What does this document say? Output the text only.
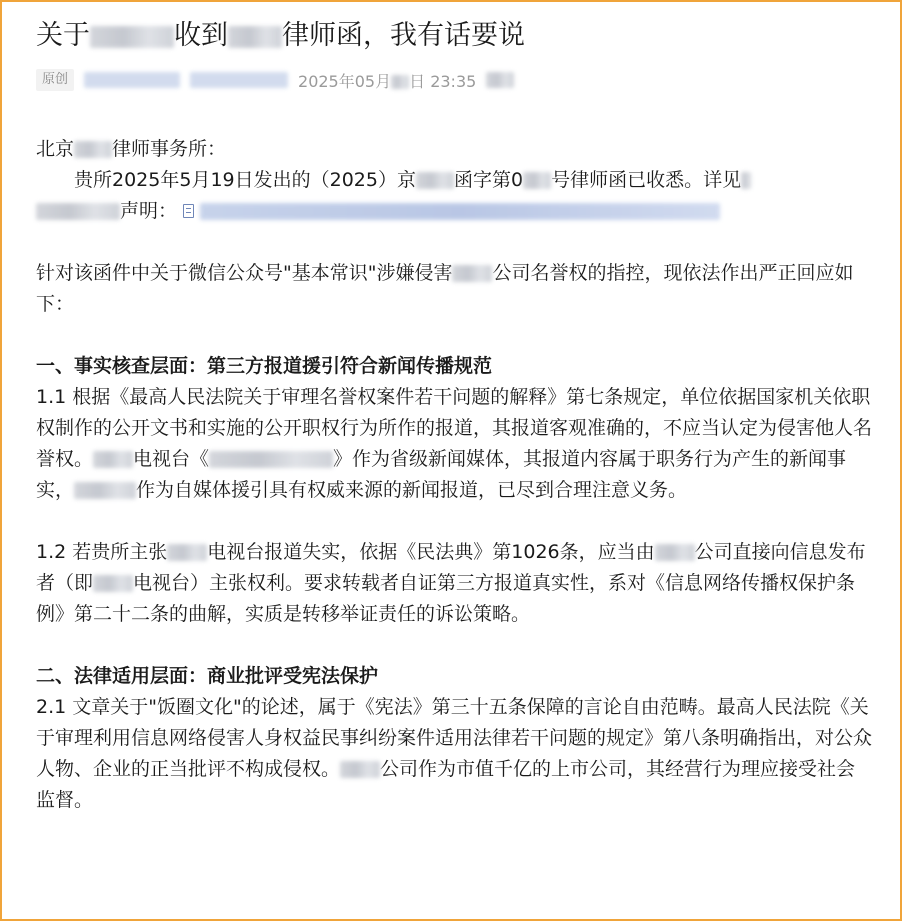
关于	收到 律师函，我有话要说
原创	2025年05月 日 23:35

北京 律师事务所：

贵所2025年5月19日发出的（2025）京 函字第0 号律师函已收悉。详见

声明：

针对该函件中关于微信公众号"基本常识"涉嫌侵害 公司名誉权的指控，现依法作出严正回应如下：

一、事实核查层面：第三方报道援引符合新闻传播规范

1.1 根据《最高人民法院关于审理名誉权案件若干问题的解释》第七条规定，单位依据国家机关依职权制作的公开文书和实施的公开职权行为所作的报道，其报道客观准确的，不应当认定为侵害他人名誉权。 电视台《	》作为省级新闻媒体，其报道内容属于职务行为产生的新闻事实，	作为自媒体援引具有权威来源的新闻报道，已尽到合理注意义务。

1.2 若贵所主张 电视台报道失实，依据《民法典》第1026条，应当由 公司直接向信息发布者（即 电视台）主张权利。要求转载者自证第三方报道真实性，系对《信息网络传播权保护条例》第二十二条的曲解，实质是转移举证责任的诉讼策略。

二、法律适用层面：商业批评受宪法保护

2.1 文章关于"饭圈文化"的论述，属于《宪法》第三十五条保障的言论自由范畴。最高人民法院《关于审理利用信息网络侵害人身权益民事纠纷案件适用法律若干问题的规定》第八条明确指出，对公众人物、企业的正当批评不构成侵权。 公司作为市值千亿的上市公司，其经营行为理应接受社会监督。
